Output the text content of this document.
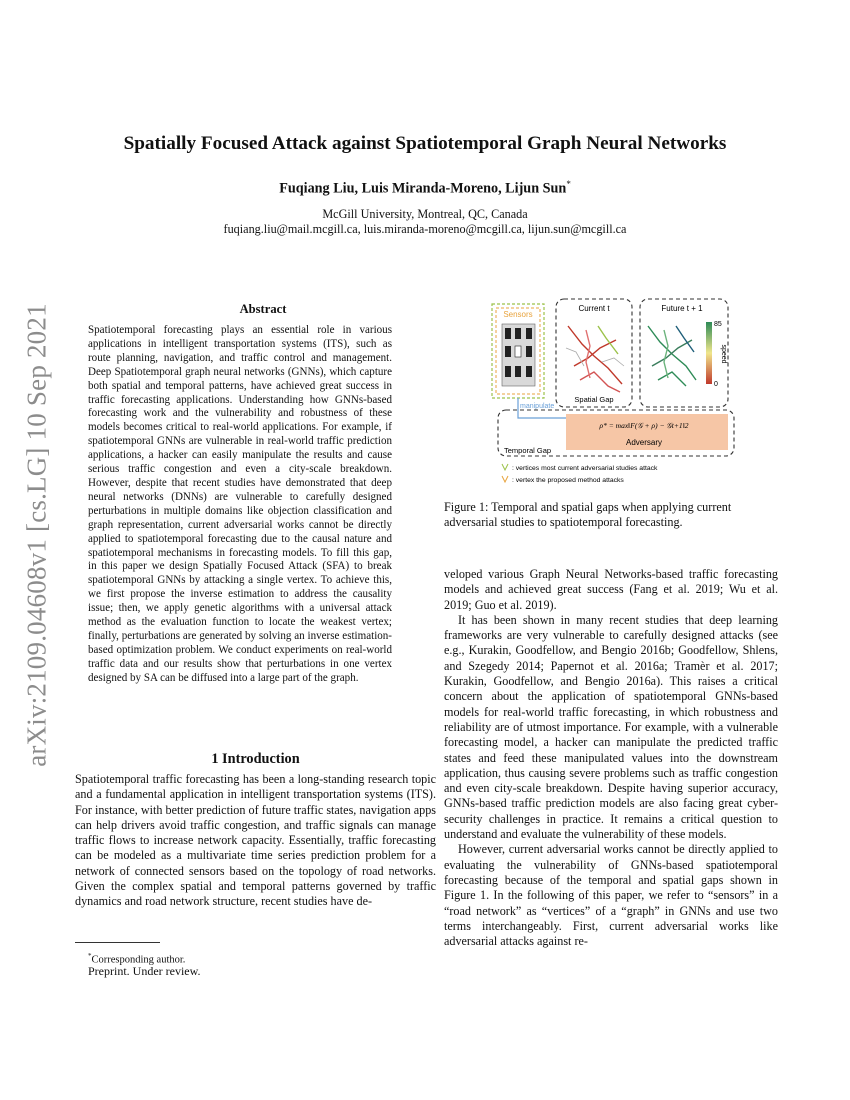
arXiv:2109.04608v1 [cs.LG] 10 Sep 2021
Spatially Focused Attack against Spatiotemporal Graph Neural Networks
Fuqiang Liu, Luis Miranda-Moreno, Lijun Sun*
McGill University, Montreal, QC, Canada
fuqiang.liu@mail.mcgill.ca, luis.miranda-moreno@mcgill.ca, lijun.sun@mcgill.ca
Abstract
Spatiotemporal forecasting plays an essential role in various applications in intelligent transportation systems (ITS), such as route planning, navigation, and traffic control and management. Deep Spatiotemporal graph neural networks (GNNs), which capture both spatial and temporal patterns, have achieved great success in traffic forecasting applications. Understanding how GNNs-based forecasting work and the vulnerability and robustness of these models becomes critical to real-world applications. For example, if spatiotemporal GNNs are vulnerable in real-world traffic prediction applications, a hacker can easily manipulate the results and cause serious traffic congestion and even a city-scale breakdown. However, despite that recent studies have demonstrated that deep neural networks (DNNs) are vulnerable to carefully designed perturbations in multiple domains like objection classification and graph representation, current adversarial works cannot be directly applied to spatiotemporal forecasting due to the causal nature and spatiotemporal mechanisms in forecasting models. To fill this gap, in this paper we design Spatially Focused Attack (SFA) to break spatiotemporal GNNs by attacking a single vertex. To achieve this, we first propose the inverse estimation to address the causality issue; then, we apply genetic algorithms with a universal attack method as the evaluation function to locate the weakest vertex; finally, perturbations are generated by solving an inverse estimation-based optimization problem. We conduct experiments on real-world traffic data and our results show that perturbations in one vertex designed by SA can be diffused into a large part of the graph.
1 Introduction
Spatiotemporal traffic forecasting has been a long-standing research topic and a fundamental application in intelligent transportation systems (ITS). For instance, with better prediction of future traffic states, navigation apps can help drivers avoid traffic congestion, and traffic signals can manage traffic flows to increase network capacity. Essentially, traffic forecasting can be modeled as a multivariate time series prediction problem for a network of connected sensors based on the topology of road networks. Given the complex spatial and temporal patterns governed by traffic dynamics and road network structure, recent studies have de-
*Corresponding author.
Preprint. Under review.
Sensors
Current t
Spatial Gap
Future t + 1
85
0
speed
manipulate
Temporal Gap
ρ* = max‖F(𝒢 + ρ) − 𝒢t+1‖2
Adversary
: vertices most current adversarial studies attack
: vertex the proposed method attacks
Figure 1: Temporal and spatial gaps when applying current adversarial studies to spatiotemporal forecasting.

veloped various Graph Neural Networks-based traffic forecasting models and achieved great success (Fang et al. 2019; Wu et al. 2019; Guo et al. 2019).

It has been shown in many recent studies that deep learning frameworks are very vulnerable to carefully designed attacks (see e.g., Kurakin, Goodfellow, and Bengio 2016b; Goodfellow, Shlens, and Szegedy 2014; Papernot et al. 2016a; Tramèr et al. 2017; Kurakin, Goodfellow, and Bengio 2016a). This raises a critical concern about the application of spatiotemporal GNNs-based models for real-world traffic forecasting, in which robustness and reliability are of utmost importance. For example, with a vulnerable forecasting model, a hacker can manipulate the predicted traffic states and feed these manipulated values into the downstream application, thus causing severe problems such as traffic congestion and even city-scale breakdown. Despite having superior accuracy, GNNs-based traffic prediction models are also facing great cyber-security challenges in practice. It remains a critical question to understand and evaluate the vulnerability of these models.

However, current adversarial works cannot be directly applied to evaluating the vulnerability of GNNs-based spatiotemporal forecasting because of the temporal and spatial gaps shown in Figure 1. In the following of this paper, we refer to “sensors” in a “road network” as “vertices” of a “graph” in GNNs and use two terms interchangeably. First, current adversarial works like adversarial attacks against re-
